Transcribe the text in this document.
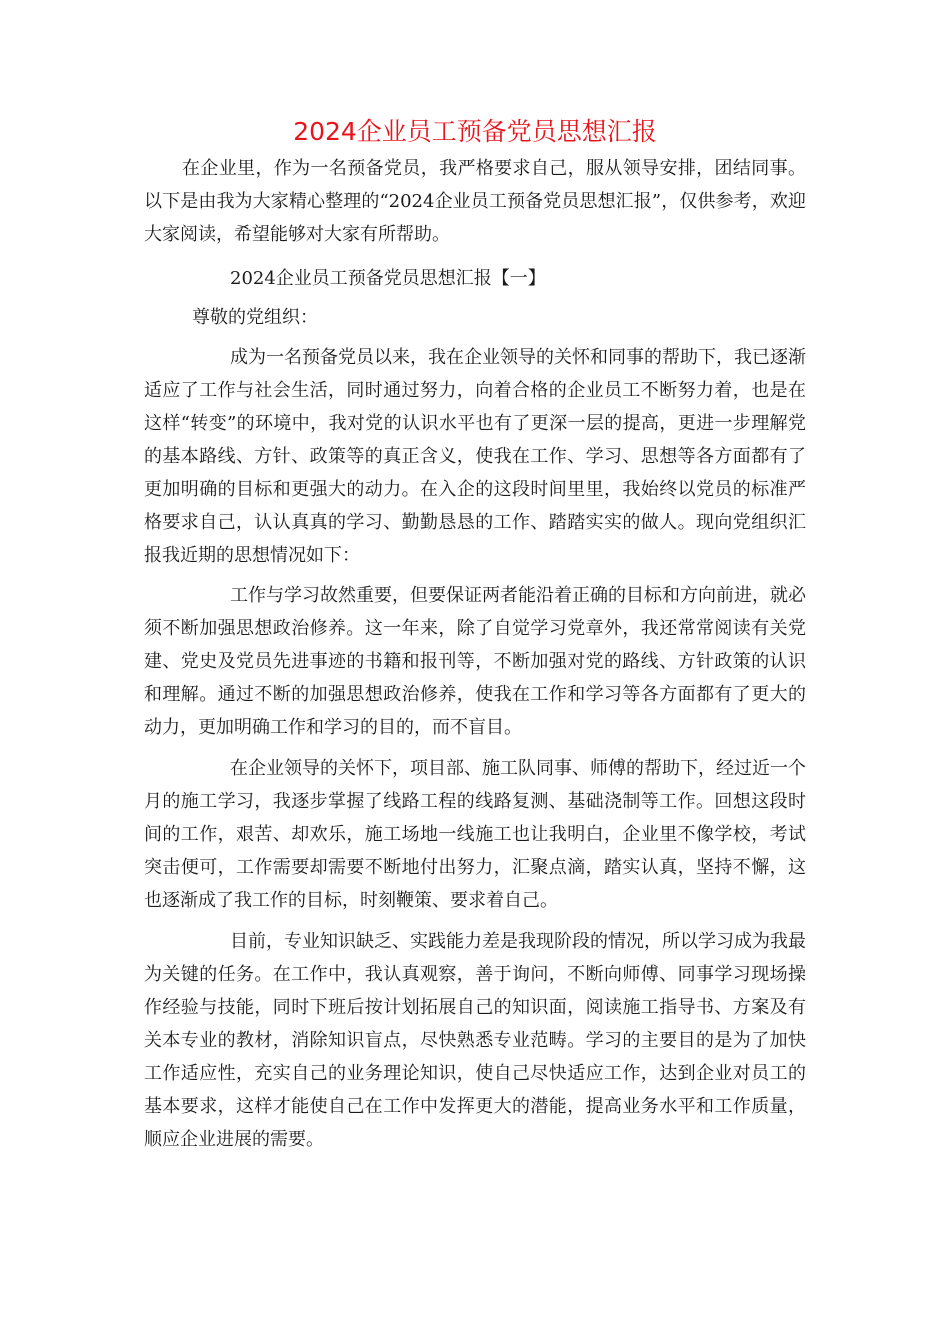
2024企业员工预备党员思想汇报

在企业里，作为一名预备党员，我严格要求自己，服从领导安排，团结同事。以下是由我为大家精心整理的“2024企业员工预备党员思想汇报”，仅供参考，欢迎大家阅读，希望能够对大家有所帮助。

2024企业员工预备党员思想汇报【一】

尊敬的党组织：

成为一名预备党员以来，我在企业领导的关怀和同事的帮助下，我已逐渐适应了工作与社会生活，同时通过努力，向着合格的企业员工不断努力着，也是在这样“转变”的环境中，我对党的认识水平也有了更深一层的提高，更进一步理解党的基本路线、方针、政策等的真正含义，使我在工作、学习、思想等各方面都有了更加明确的目标和更强大的动力。在入企的这段时间里里，我始终以党员的标准严格要求自己，认认真真的学习、勤勤恳恳的工作、踏踏实实的做人。现向党组织汇报我近期的思想情况如下：

工作与学习故然重要，但要保证两者能沿着正确的目标和方向前进，就必须不断加强思想政治修养。这一年来，除了自觉学习党章外，我还常常阅读有关党建、党史及党员先进事迹的书籍和报刊等，不断加强对党的路线、方针政策的认识和理解。通过不断的加强思想政治修养，使我在工作和学习等各方面都有了更大的动力，更加明确工作和学习的目的，而不盲目。

在企业领导的关怀下，项目部、施工队同事、师傅的帮助下，经过近一个月的施工学习，我逐步掌握了线路工程的线路复测、基础浇制等工作。回想这段时间的工作，艰苦、却欢乐，施工场地一线施工也让我明白，企业里不像学校，考试突击便可，工作需要却需要不断地付出努力，汇聚点滴，踏实认真，坚持不懈，这也逐渐成了我工作的目标，时刻鞭策、要求着自己。

目前，专业知识缺乏、实践能力差是我现阶段的情况，所以学习成为我最为关键的任务。在工作中，我认真观察，善于询问，不断向师傅、同事学习现场操作经验与技能，同时下班后按计划拓展自己的知识面，阅读施工指导书、方案及有关本专业的教材，消除知识盲点，尽快熟悉专业范畴。学习的主要目的是为了加快工作适应性，充实自己的业务理论知识，使自己尽快适应工作，达到企业对员工的基本要求，这样才能使自己在工作中发挥更大的潜能，提高业务水平和工作质量，顺应企业进展的需要。
